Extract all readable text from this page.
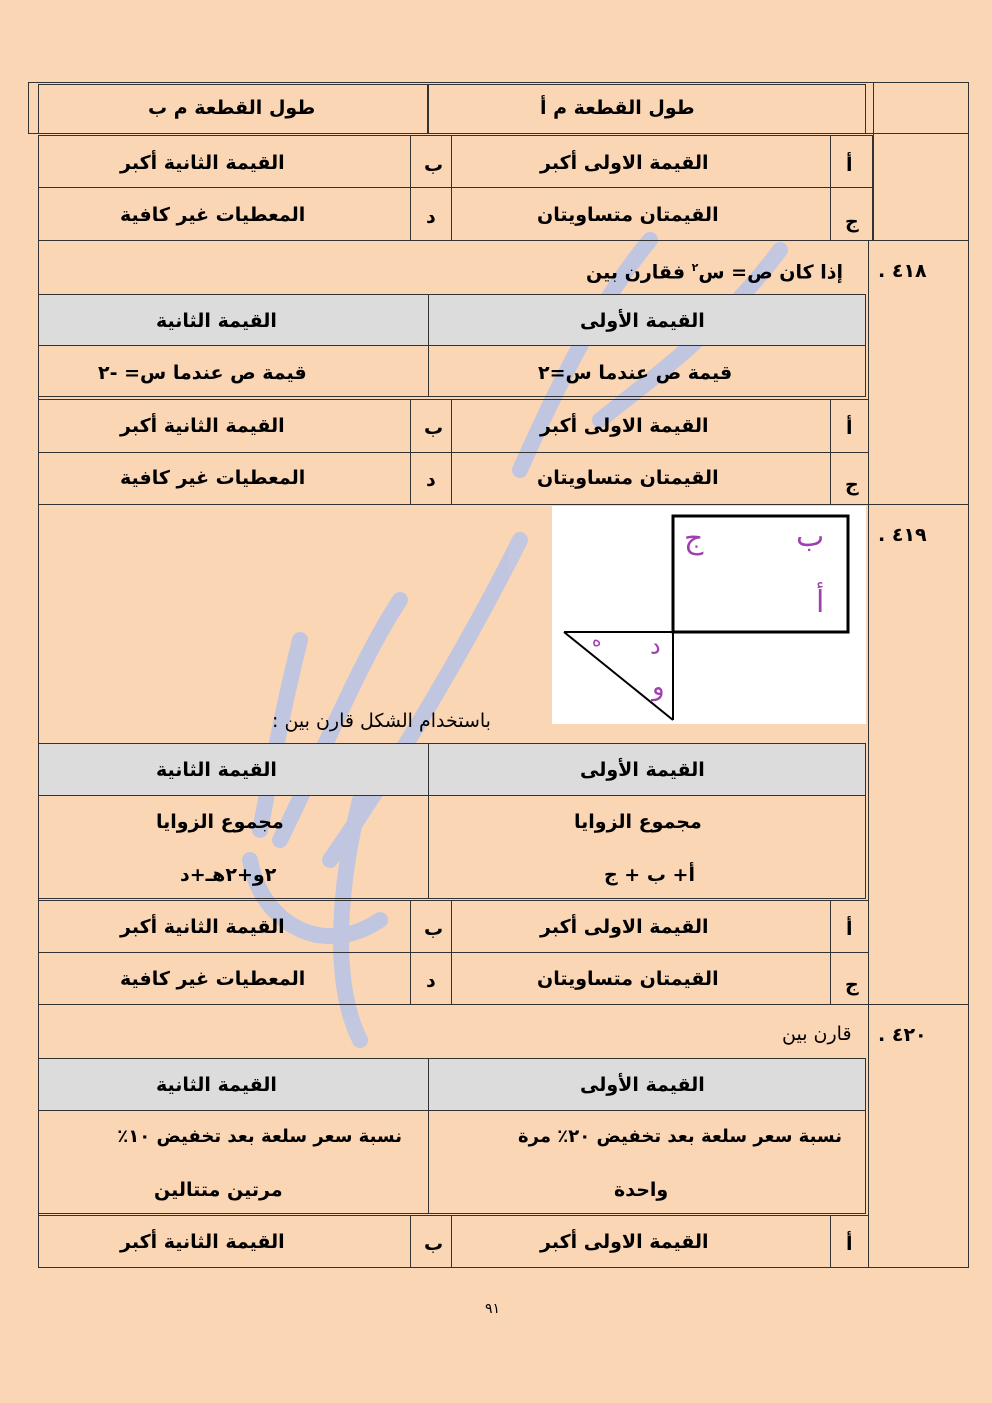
طول القطعة م أ
طول القطعة م ب
أ
القيمة الاولى أكبر
ب
القيمة الثانية أكبر
ج
القيمتان متساويتان
د
المعطيات غير كافية
٤١٨ .
إذا كان ص= س$^٢$ فقارن بين
القيمة الأولى
القيمة الثانية
قيمة ص عندما س=٢
قيمة ص عندما س= -٢
أ
القيمة الاولى أكبر
ب
القيمة الثانية أكبر
ج
القيمتان متساويتان
د
المعطيات غير كافية
٤١٩ .
ب
ج
أ
د
ه
و
باستخدام الشكل قارن بين :
القيمة الأولى
القيمة الثانية
مجموع الزوايا
أ+ ب + ج
مجموع الزوايا
٢و+٢هـ+د
أ
القيمة الاولى أكبر
ب
القيمة الثانية أكبر
ج
القيمتان متساويتان
د
المعطيات غير كافية
٤٢٠ .
قارن بين
القيمة الأولى
القيمة الثانية
نسبة سعر سلعة بعد تخفيض ٢٠٪ مرة
واحدة
نسبة سعر سلعة بعد تخفيض ١٠٪
مرتين متتالين
أ
القيمة الاولى أكبر
ب
القيمة الثانية أكبر
٩١
